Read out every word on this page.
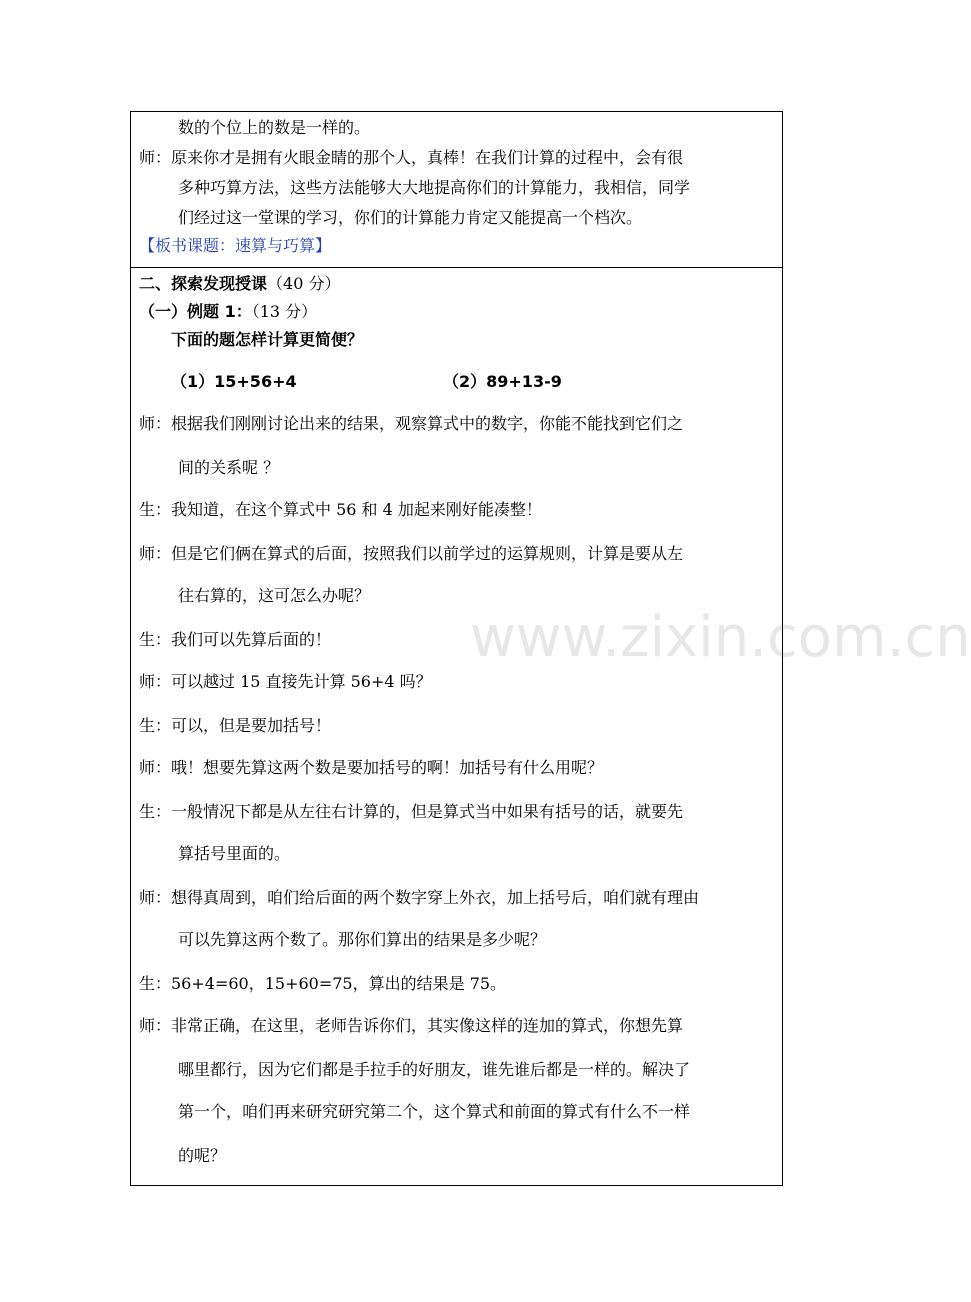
数的个位上的数是一样的。
师：原来你才是拥有火眼金睛的那个人，真棒！在我们计算的过程中，会有很
多种巧算方法，这些方法能够大大地提高你们的计算能力，我相信，同学
们经过这一堂课的学习，你们的计算能力肯定又能提高一个档次。
【板书课题：速算与巧算】
二、探索发现授课（40 分）
（一）例题 1：（13 分）
下面的题怎样计算更简便？
（1）15+56+4	（2）89+13-9
师：根据我们刚刚讨论出来的结果，观察算式中的数字，你能不能找到它们之
间的关系呢 ？
生：我知道，在这个算式中 56 和 4 加起来刚好能凑整！
师：但是它们俩在算式的后面，按照我们以前学过的运算规则，计算是要从左
往右算的，这可怎么办呢？
生：我们可以先算后面的！
师：可以越过 15 直接先计算 56+4 吗？
生：可以，但是要加括号！
师：哦！想要先算这两个数是要加括号的啊！加括号有什么用呢？
生：一般情况下都是从左往右计算的，但是算式当中如果有括号的话，就要先
算括号里面的。
师：想得真周到，咱们给后面的两个数字穿上外衣，加上括号后，咱们就有理由
可以先算这两个数了。那你们算出的结果是多少呢？
生：56+4=60，15+60=75，算出的结果是 75。
师：非常正确，在这里，老师告诉你们，其实像这样的连加的算式，你想先算
哪里都行，因为它们都是手拉手的好朋友，谁先谁后都是一样的。解决了
第一个，咱们再来研究研究第二个，这个算式和前面的算式有什么不一样
的呢？
www.zixin.com.cn
